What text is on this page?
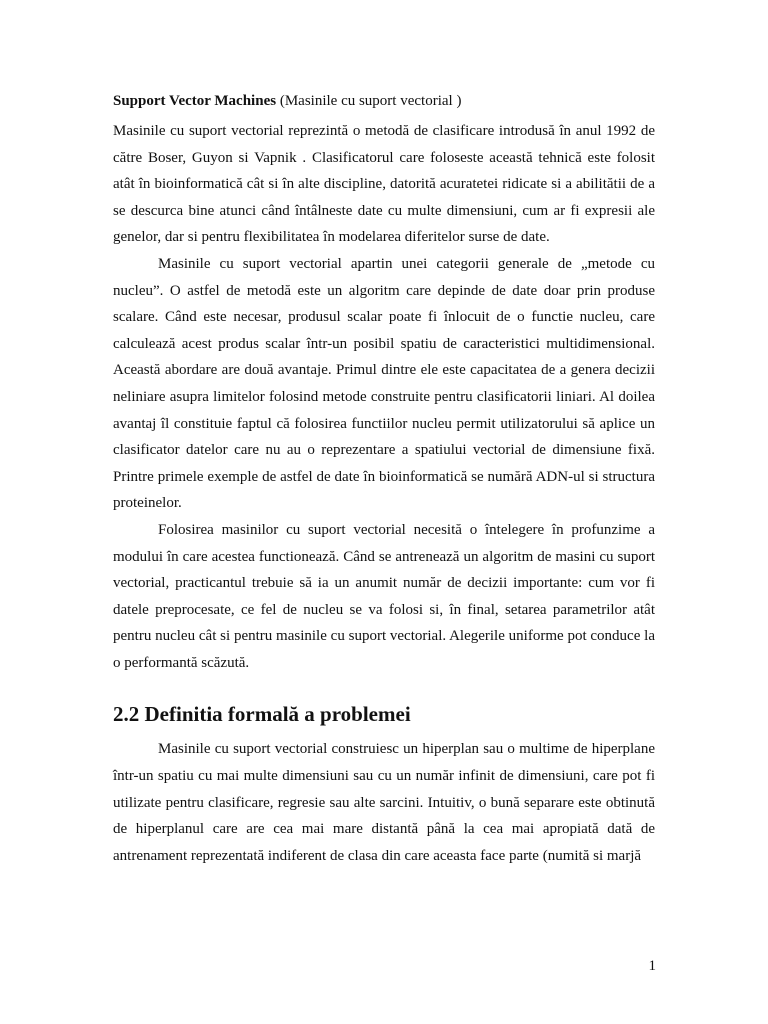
Support Vector Machines (Masinile cu suport vectorial )

Masinile cu suport vectorial reprezintă o metodă de clasificare introdusă în anul 1992 de către Boser, Guyon si Vapnik . Clasificatorul care foloseste această tehnică este folosit atât în bioinformatică cât si în alte discipline, datorită acuratetei ridicate si a abilitătii de a se descurca bine atunci când întâlneste date cu multe dimensiuni, cum ar fi expresii ale genelor, dar si pentru flexibilitatea în modelarea diferitelor surse de date.

Masinile cu suport vectorial apartin unei categorii generale de „metode cu nucleu”. O astfel de metodă este un algoritm care depinde de date doar prin produse scalare. Când este necesar, produsul scalar poate fi înlocuit de o functie nucleu, care calculează acest produs scalar într-un posibil spatiu de caracteristici multidimensional. Această abordare are două avantaje. Primul dintre ele este capacitatea de a genera decizii neliniare asupra limitelor folosind metode construite pentru clasificatorii liniari. Al doilea avantaj îl constituie faptul că folosirea functiilor nucleu permit utilizatorului să aplice un clasificator datelor care nu au o reprezentare a spatiului vectorial de dimensiune fixă. Printre primele exemple de astfel de date în bioinformatică se numără ADN-ul si structura proteinelor.

Folosirea masinilor cu suport vectorial necesită o întelegere în profunzime a modului în care acestea functionează. Când se antrenează un algoritm de masini cu suport vectorial, practicantul trebuie să ia un anumit număr de decizii importante: cum vor fi datele preprocesate, ce fel de nucleu se va folosi si, în final, setarea parametrilor atât pentru nucleu cât si pentru masinile cu suport vectorial. Alegerile uniforme pot conduce la o performantă scăzută.

2.2 Definitia formală a problemei

Masinile cu suport vectorial construiesc un hiperplan sau o multime de hiperplane într-un spatiu cu mai multe dimensiuni sau cu un număr infinit de dimensiuni, care pot fi utilizate pentru clasificare, regresie sau alte sarcini. Intuitiv, o bună separare este obtinută de hiperplanul care are cea mai mare distantă până la cea mai apropiată dată de antrenament reprezentată indiferent de clasa din care aceasta face parte (numită si marjă

1
